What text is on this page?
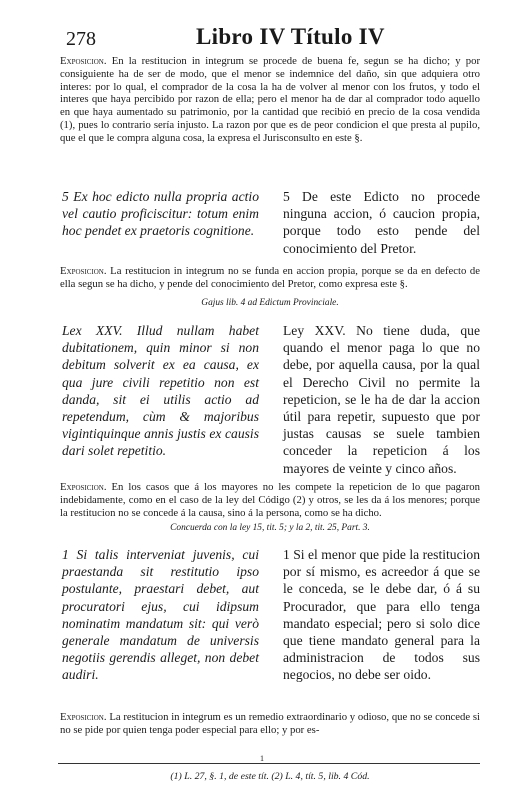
278	Libro IV Título IV

Exposicion. En la restitucion in integrum se procede de buena fe, segun se ha dicho; y por consiguiente ha de ser de modo, que el menor se indemnice del daño, sin que adquiera otro interes: por lo qual, el comprador de la cosa la ha de volver al menor con los frutos, y todo el interes que haya percibido por razon de ella; pero el menor ha de dar al comprador todo aquello en que haya aumentado su patrimonio, por la cantidad que recibió en precio de la cosa vendida (1), pues lo contrario sería injusto. La razon por que es de peor condicion el que presta al pupilo, que el que le compra alguna cosa, la expresa el Jurisconsulto en este §.

5 Ex hoc edicto nulla propria actio vel cautio proficiscitur: totum enim hoc pendet ex praetoris cognitione.
5 De este Edicto no procede ninguna accion, ó caucion propia, porque todo esto pende del conocimiento del Pretor.

Exposicion. La restitucion in integrum no se funda en accion propia, porque se da en defecto de ella segun se ha dicho, y pende del conocimiento del Pretor, como expresa este §.

Gajus lib. 4 ad Edictum Provinciale.
Lex XXV. Illud nullam habet dubitationem, quin minor si non debitum solverit ex ea causa, ex qua jure civili repetitio non est danda, sit ei utilis actio ad repetendum, cùm & majoribus vigintiquinque annis justis ex causis dari solet repetitio.
Ley XXV. No tiene duda, que quando el menor paga lo que no debe, por aquella causa, por la qual el Derecho Civil no permite la repeticion, se le ha de dar la accion útil para repetir, supuesto que por justas causas se suele tambien conceder la repeticion á los mayores de veinte y cinco años.

Exposicion. En los casos que á los mayores no les compete la repeticion de lo que pagaron indebidamente, como en el caso de la ley del Código (2) y otros, se les da á los menores; porque la restitucion no se concede á la causa, sino á la persona, como se ha dicho.

Concuerda con la ley 15, tit. 5; y la 2, tit. 25, Part. 3.
1 Si talis interveniat juvenis, cui praestanda sit restitutio ipso postulante, praestari debet, aut procuratori ejus, cui idipsum nominatim mandatum sit: qui verò generale mandatum de universis negotiis gerendis alleget, non debet audiri.
1 Si el menor que pide la restitucion por sí mismo, es acreedor á que se le conceda, se le debe dar, ó á su Procurador, que para ello tenga mandato especial; pero si solo dice que tiene mandato general para la administracion de todos sus negocios, no debe ser oido.

Exposicion. La restitucion in integrum es un remedio extraordinario y odioso, que no se concede si no se pide por quien tenga poder especial para ello; y por es-

1
(1) L. 27, §. 1, de este tít. (2) L. 4, tít. 5, lib. 4 Cód.
